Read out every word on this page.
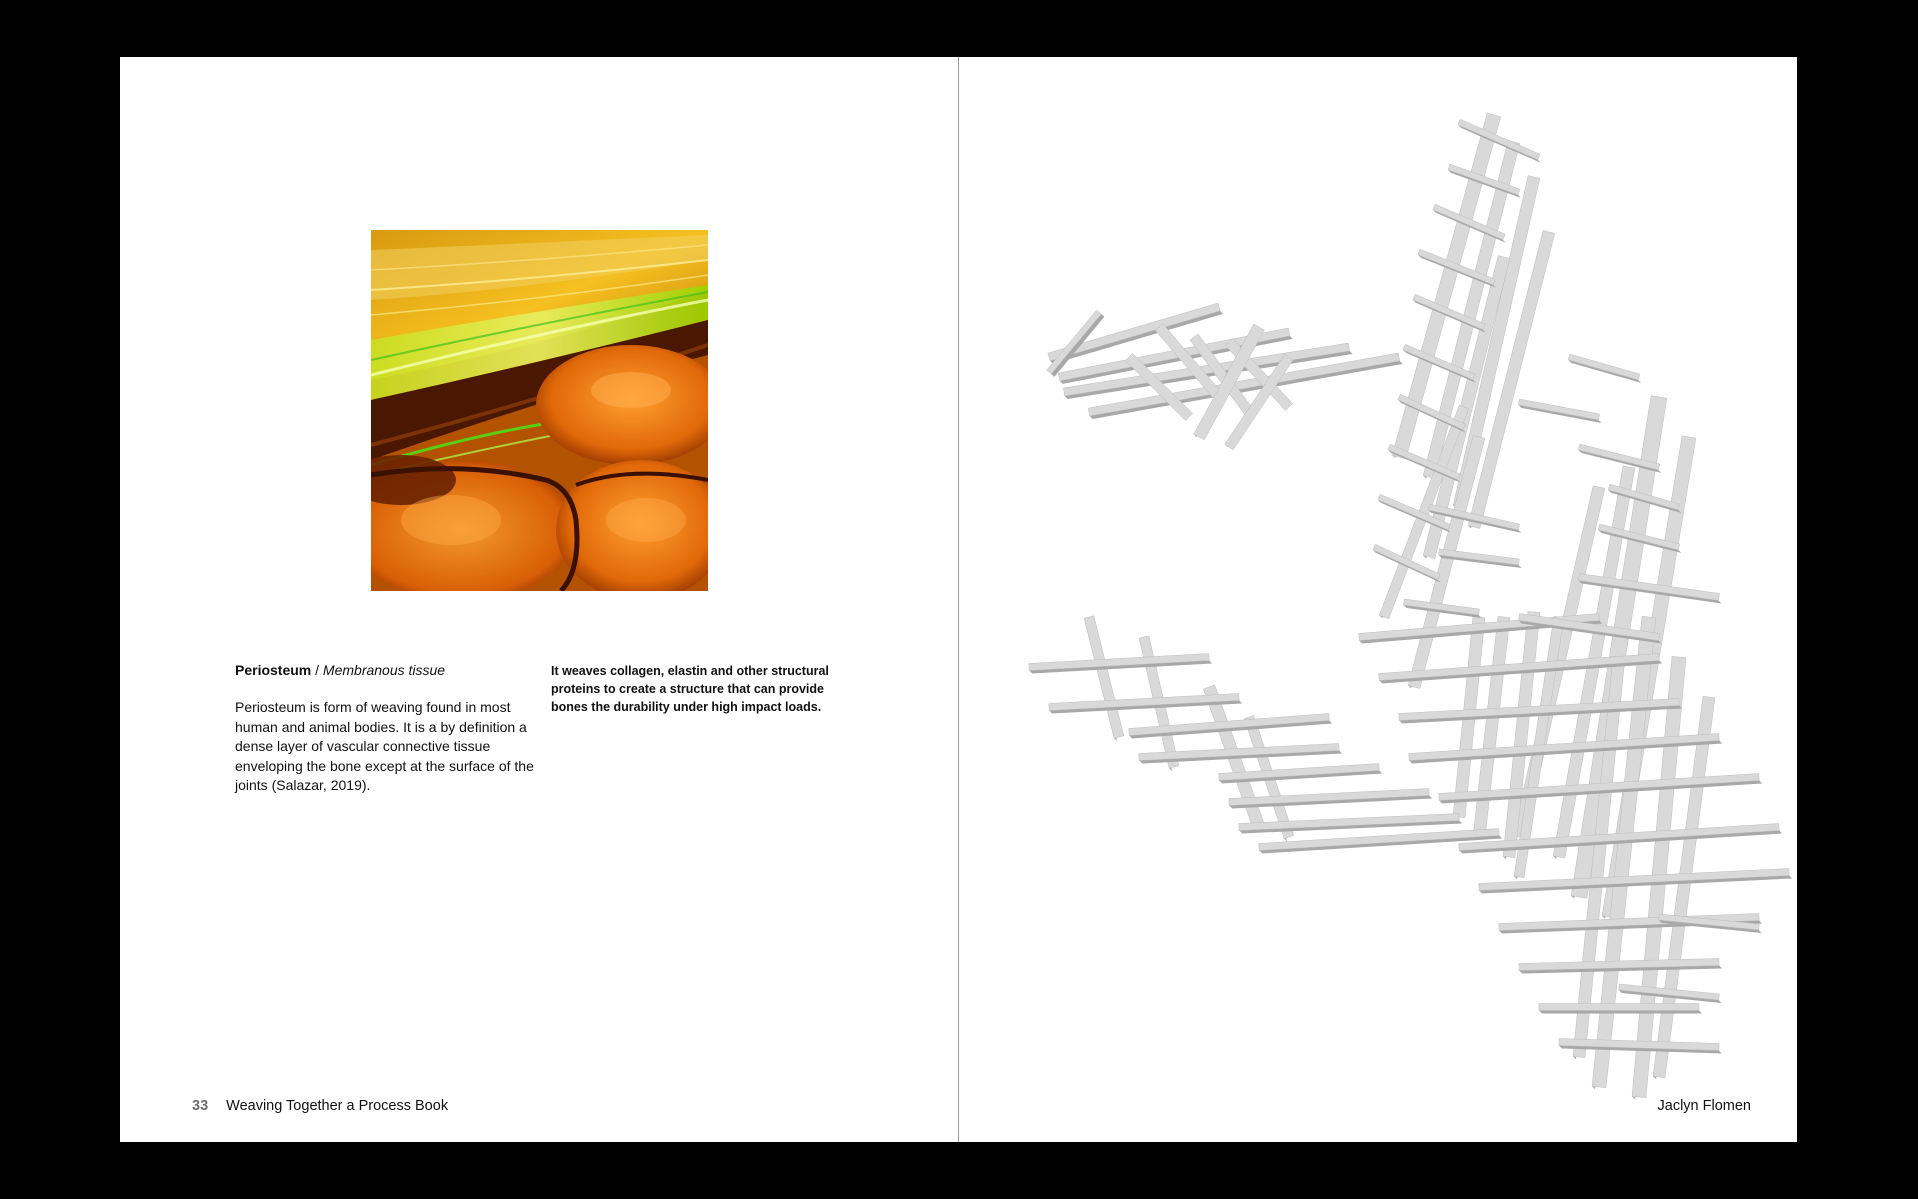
Periosteum / Membranous tissue

Periosteum is form of weaving found in most human and animal bodies. It is a by definition a dense layer of vascular connective tissue enveloping the bone except at the surface of the joints (Salazar, 2019).

It weaves collagen, elastin and other structural proteins to create a structure that can provide bones the durability under high impact loads.
33 Weaving Together a Process Book	Jaclyn Flomen
